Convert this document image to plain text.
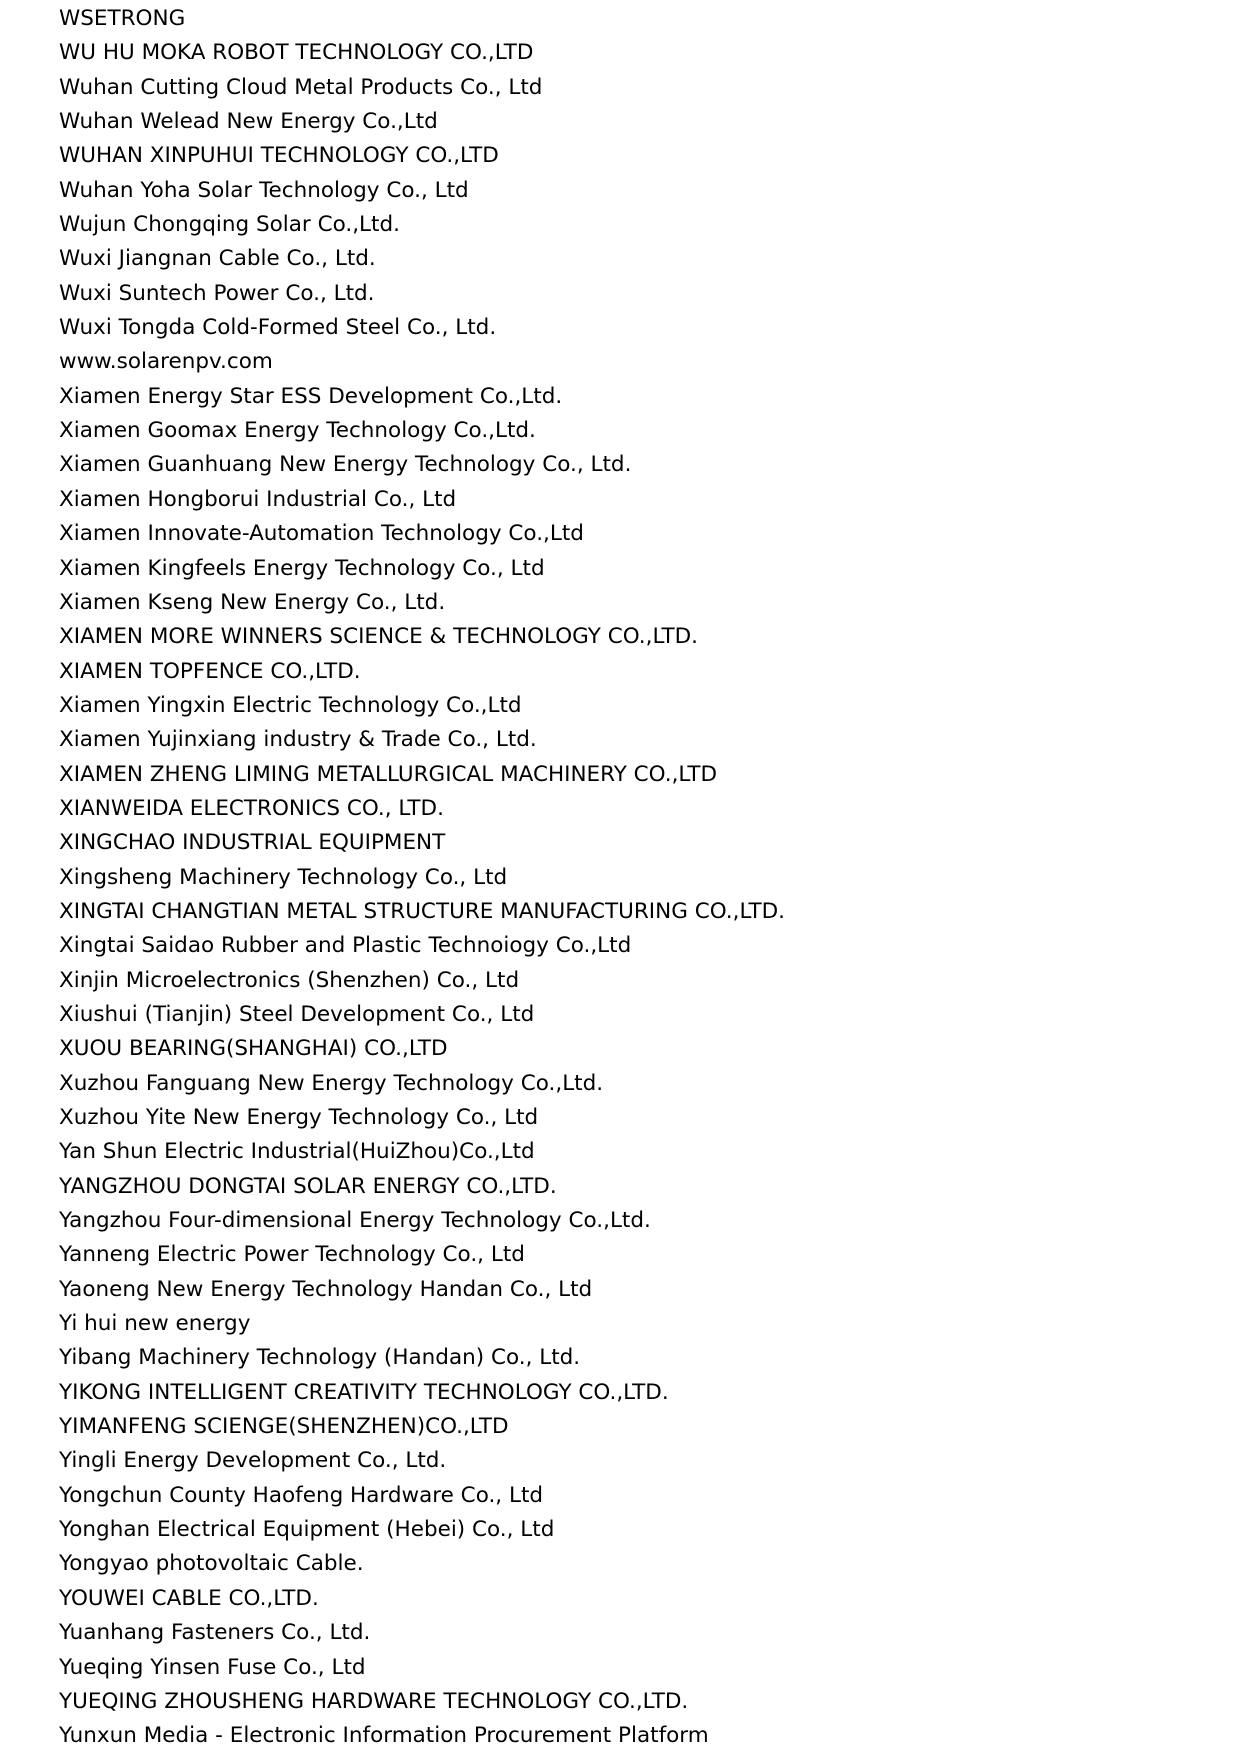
WSETRONG
WU HU MOKA ROBOT TECHNOLOGY CO.,LTD
Wuhan Cutting Cloud Metal Products Co., Ltd
Wuhan Welead New Energy Co.,Ltd
WUHAN XINPUHUI TECHNOLOGY CO.,LTD
Wuhan Yoha Solar Technology Co., Ltd
Wujun Chongqing Solar Co.,Ltd.
Wuxi Jiangnan Cable Co., Ltd.
Wuxi Suntech Power Co., Ltd.
Wuxi Tongda Cold-Formed Steel Co., Ltd.
www.solarenpv.com
Xiamen Energy Star ESS Development Co.,Ltd.
Xiamen Goomax Energy Technology Co.,Ltd.
Xiamen Guanhuang New Energy Technology Co., Ltd.
Xiamen Hongborui Industrial Co., Ltd
Xiamen Innovate-Automation Technology Co.,Ltd
Xiamen Kingfeels Energy Technology Co., Ltd
Xiamen Kseng New Energy Co., Ltd.
XIAMEN MORE WINNERS SCIENCE & TECHNOLOGY CO.,LTD.
XIAMEN TOPFENCE CO.,LTD.
Xiamen Yingxin Electric Technology Co.,Ltd
Xiamen Yujinxiang industry & Trade Co., Ltd.
XIAMEN ZHENG LIMING METALLURGICAL MACHINERY CO.,LTD
XIANWEIDA ELECTRONICS CO., LTD.
XINGCHAO INDUSTRIAL EQUIPMENT
Xingsheng Machinery Technology Co., Ltd
XINGTAI CHANGTIAN METAL STRUCTURE MANUFACTURING CO.,LTD.
Xingtai Saidao Rubber and Plastic Technoiogy Co.,Ltd
Xinjin Microelectronics (Shenzhen) Co., Ltd
Xiushui (Tianjin) Steel Development Co., Ltd
XUOU BEARING(SHANGHAI) CO.,LTD
Xuzhou Fanguang New Energy Technology Co.,Ltd.
Xuzhou Yite New Energy Technology Co., Ltd
Yan Shun Electric Industrial(HuiZhou)Co.,Ltd
YANGZHOU DONGTAI SOLAR ENERGY CO.,LTD.
Yangzhou Four-dimensional Energy Technology Co.,Ltd.
Yanneng Electric Power Technology Co., Ltd
Yaoneng New Energy Technology Handan Co., Ltd
Yi hui new energy
Yibang Machinery Technology (Handan) Co., Ltd.
YIKONG INTELLIGENT CREATIVITY TECHNOLOGY CO.,LTD.
YIMANFENG SCIENGE(SHENZHEN)CO.,LTD
Yingli Energy Development Co., Ltd.
Yongchun County Haofeng Hardware Co., Ltd
Yonghan Electrical Equipment (Hebei) Co., Ltd
Yongyao photovoltaic Cable.
YOUWEI CABLE CO.,LTD.
Yuanhang Fasteners Co., Ltd.
Yueqing Yinsen Fuse Co., Ltd
YUEQING ZHOUSHENG HARDWARE TECHNOLOGY CO.,LTD.
Yunxun Media - Electronic Information Procurement Platform
